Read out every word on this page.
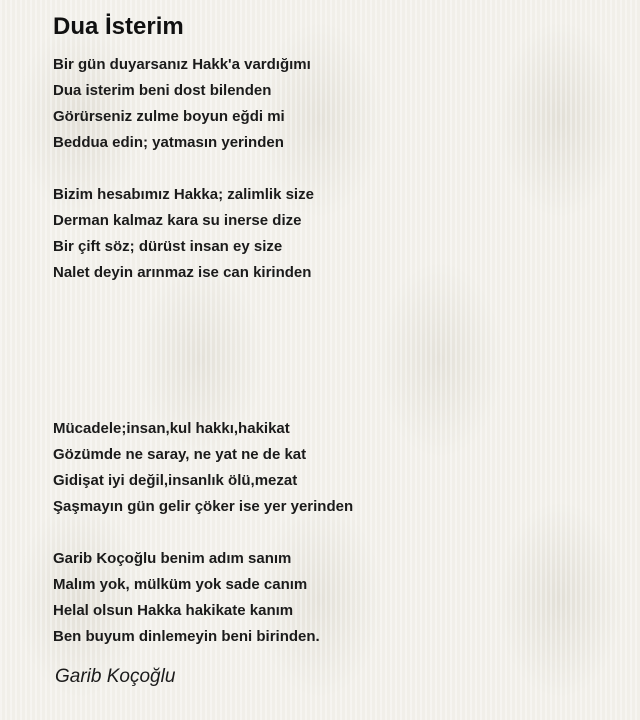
Dua İsterim
Bir gün duyarsanız Hakk'a vardığımı
Dua isterim beni dost bilenden
Görürseniz zulme boyun eğdi mi
Beddua edin; yatmasın yerinden
Bizim hesabımız Hakka; zalimlik size
Derman kalmaz kara su inerse dize
Bir çift söz; dürüst insan ey size
Nalet deyin arınmaz ise can kirinden
Mücadele;insan,kul hakkı,hakikat
Gözümde ne saray, ne yat ne de kat
Gidişat iyi değil,insanlık ölü,mezat
Şaşmayın gün gelir çöker ise yer yerinden
Garib Koçoğlu benim adım sanım
Malım yok, mülküm yok sade canım
Helal olsun Hakka hakikate kanım
Ben buyum dinlemeyin beni birinden.
Garib Koçoğlu
